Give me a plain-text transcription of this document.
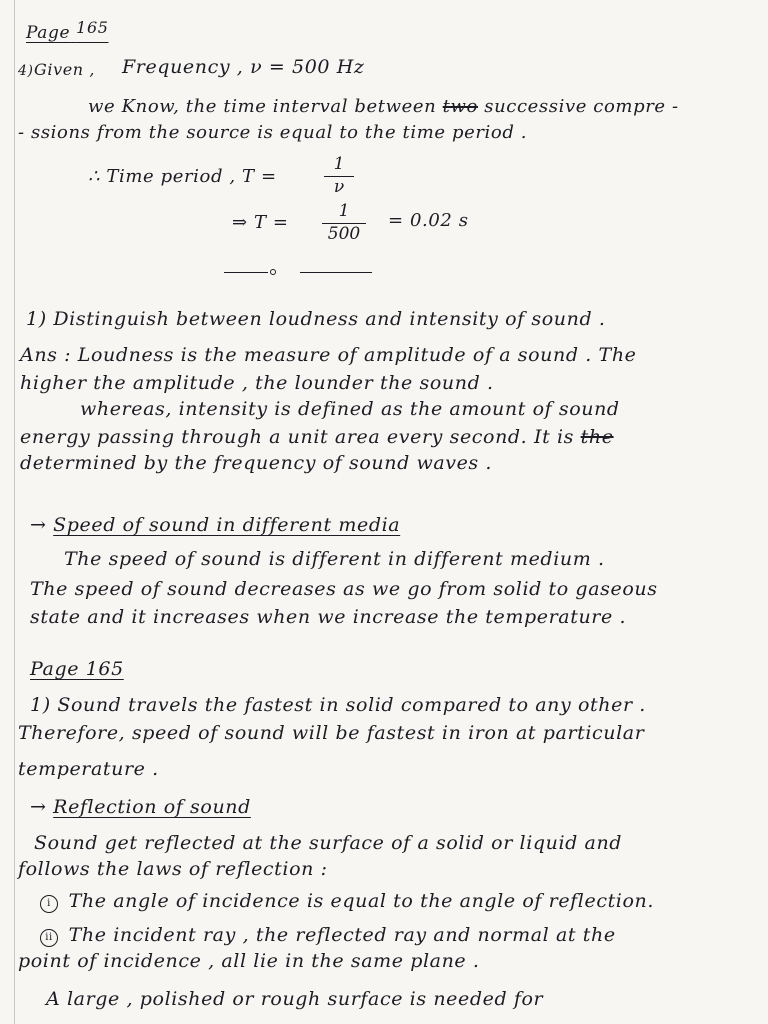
Page 165
4) Given , Frequency , ν = 500 Hz
we Know, the time interval between two successive compre -
- ssions from the source is equal to the time period .
∴ Time period , T =
1
ν
⇒ T =
1
500
= 0.02 s
1) Distinguish between loudness and intensity of sound .
Ans : Loudness is the measure of amplitude of a sound . The
higher the amplitude , the lounder the sound .
whereas, intensity is defined as the amount of sound
energy passing through a unit area every second. It is the
determined by the frequency of sound waves .
→ Speed of sound in different media
The speed of sound is different in different medium .
The speed of sound decreases as we go from solid to gaseous
state and it increases when we increase the temperature .
Page 165
1) Sound travels the fastest in solid compared to any other .
Therefore, speed of sound will be fastest in iron at particular
temperature .
→ Reflection of sound
Sound get reflected at the surface of a solid or liquid and
follows the laws of reflection :
i The angle of incidence is equal to the angle of reflection.
ii The incident ray , the reflected ray and normal at the
point of incidence , all lie in the same plane .
A large , polished or rough surface is needed for
